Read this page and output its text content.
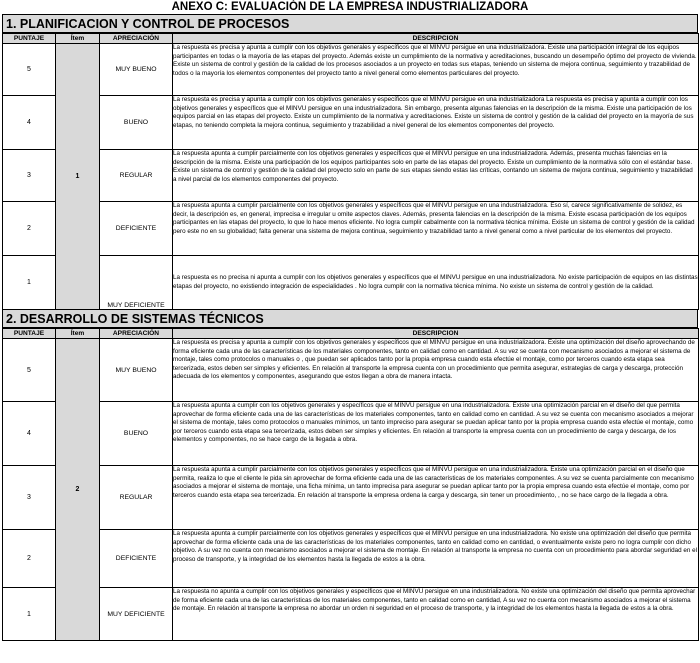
ANEXO C: EVALUACIÓN DE LA EMPRESA INDUSTRIALIZADORA
1. PLANIFICACION Y CONTROL DE PROCESOS
PUNTAJE	Ítem	APRECIACIÓN	DESCRIPCION
5	1	MUY BUENO	La respuesta es precisa y apunta a cumplir con los objetivos generales y específicos que el MINVU persigue en una industrializadora. Existe una participación integral de los equipos participantes en todas o la mayoría de las etapas del proyecto. Además existe un cumplimiento de la normativa y acreditaciones, buscando un desempeño óptimo del proyecto de vivienda. Existe un sistema de control y gestión de la calidad de los procesos asociados a un proyecto en todas sus etapas, teniendo un sistema de mejora continua, seguimiento y trazabilidad de todos o la mayoría los elementos componentes del proyecto tanto a nivel general como elementos particulares del proyecto.

4		BUENO	La respuesta es precisa y apunta a cumplir con los objetivos generales y específicos que el MINVU persigue en una industrializadora La respuesta es precisa y apunta a cumplir con los objetivos generales y específicos que el MINVU persigue en una industrializadora. Sin embargo, presenta algunas falencias en la descripción de la misma. Existe una participación de los equipos parcial en las etapas del proyecto. Existe un cumplimiento de la normativa y acreditaciones. Existe un sistema de control y gestión de la calidad del proyecto en la mayoría de sus etapas, no teniendo completa la mejora continua, seguimiento y trazabilidad a nivel general de los elementos componentes del proyecto.

3		REGULAR	La respuesta apunta a cumplir parcialmente con los objetivos generales y específicos que el MINVU persigue en una industrializadora. Además, presenta muchas falencias en la descripción de la misma. Existe una participación de los equipos participantes solo en parte de las etapas del proyecto. Existe un cumplimiento de la normativa sólo con el estándar base. Existe un sistema de control y gestión de la calidad del proyecto solo en parte de sus etapas siendo estas las críticas, contando un sistema de mejora continua, seguimiento y trazabilidad a nivel parcial de los elementos componentes del proyecto.

2		DEFICIENTE	La respuesta apunta a cumplir parcialmente con los objetivos generales y específicos que el MINVU persigue en una industrializadora. Eso sí, carece significativamente de solidez, es decir, la descripción es, en general, imprecisa e irregular u omite aspectos claves. Además, presenta falencias en la descripción de la misma. Existe escasa participación de los equipos participantes en las etapas del proyecto, lo que lo hace menos eficiente. No logra cumplir cabalmente con la normativa técnica mínima. Existe un sistema de control y gestión de la calidad pero este no en su globalidad; falta generar una sistema de mejora continua, seguimiento y trazabilidad tanto a nivel general como a nivel particular de los elementos del proyecto.

1		MUY DEFICIENTE	La respuesta es no precisa ni apunta a cumplir con los objetivos generales y específicos que el MINVU persigue en una industrializadora. No existe participación de equipos en las distintas etapas del proyecto, no existiendo integración de especialidades . No logra cumplir con la normativa técnica mínima. No existe un sistema de control y gestión de la calidad.
2. DESARROLLO DE SISTEMAS TÉCNICOS
PUNTAJE	Ítem	APRECIACIÓN	DESCRIPCION
5	2	MUY BUENO	La respuesta es precisa y apunta a cumplir con los objetivos generales y específicos que el MINVU persigue en una industrializadora. Existe una optimización del diseño aprovechando de forma eficiente cada una de las características de los materiales componentes, tanto en calidad como en cantidad. A su vez se cuenta con mecanismo asociados a mejorar el sistema de montaje, tales como protocolos o manuales o , que puedan ser aplicados tanto por la propia empresa cuando esta efectúe el montaje, como por terceros cuando esta etapa sea tercerizada, estos deben ser simples y eficientes. En relación al transporte la empresa cuenta con un procedimiento que permita asegurar, estrategias de carga y descarga, protección adecuada de los elementos y componentes, asegurando que estos llegan a obra de manera intacta.

4		BUENO	La respuesta apunta a cumplir con los objetivos generales y específicos que el MINVU persigue en una industrializadora. Existe una optimización parcial en el diseño del que permita aprovechar de forma eficiente cada una de las características de los materiales componentes, tanto en calidad como en cantidad. A su vez se cuenta con mecanismo asociados a mejorar el sistema de montaje, tales como protocolos o manuales mínimos, un tanto impreciso para asegurar se puedan aplicar tanto por la propia empresa cuando esta efectúe el montaje, como por terceros cuando esta etapa sea tercerizada, estos deben ser simples y eficientes. En relación al transporte la empresa cuenta con un procedimiento de carga y descarga, de los elementos y componentes, no se hace cargo de la llegada a obra.

3		REGULAR	La respuesta apunta a cumplir parcialmente con los objetivos generales y específicos que el MINVU persigue en una industrializadora. Existe una optimización parcial en el diseño que permita, realiza lo que el cliente le pida sin aprovechar de forma eficiente cada una de las características de los materiales componentes. A su vez se cuenta parcialmente con mecanismo asociados a mejorar el sistema de montaje, una ficha mínima, un tanto imprecisa para asegurar se puedan aplicar tanto por la propia empresa cuando esta efectúe el montaje, como por terceros cuando esta etapa sea tercerizada. En relación al transporte la empresa ordena la carga y descarga, sin tener un procedimiento, , no se hace cargo de la llegada a obra.

2		DEFICIENTE	La respuesta apunta a cumplir parcialmente con los objetivos generales y específicos que el MINVU persigue en una industrializadora. No existe una optimización del diseño que permita aprovechar de forma eficiente cada una de las características de los materiales componentes, tanto en calidad como en cantidad, o eventualmente existe pero no logra cumplir con dicho objetivo. A su vez no cuenta con mecanismo asociados a mejorar el sistema de montaje. En relación al transporte la empresa no cuenta con un procedimiento para abordar seguridad en el proceso de transporte, y la integridad de los elementos hasta la llegada de estos a la obra.

1		MUY DEFICIENTE	La respuesta no apunta a cumplir con los objetivos generales y específicos que el MINVU persigue en una industrializadora. No existe una optimización del diseño que permita aprovechar de forma eficiente cada una de las características de los materiales componentes, tanto en calidad como en cantidad, A su vez no cuenta con mecanismo asociados a mejorar el sistema de montaje. En relación al transporte la empresa no abordar un orden ni seguridad en el proceso de transporte, y la integridad de los elementos hasta la llegada de estos a la obra.
